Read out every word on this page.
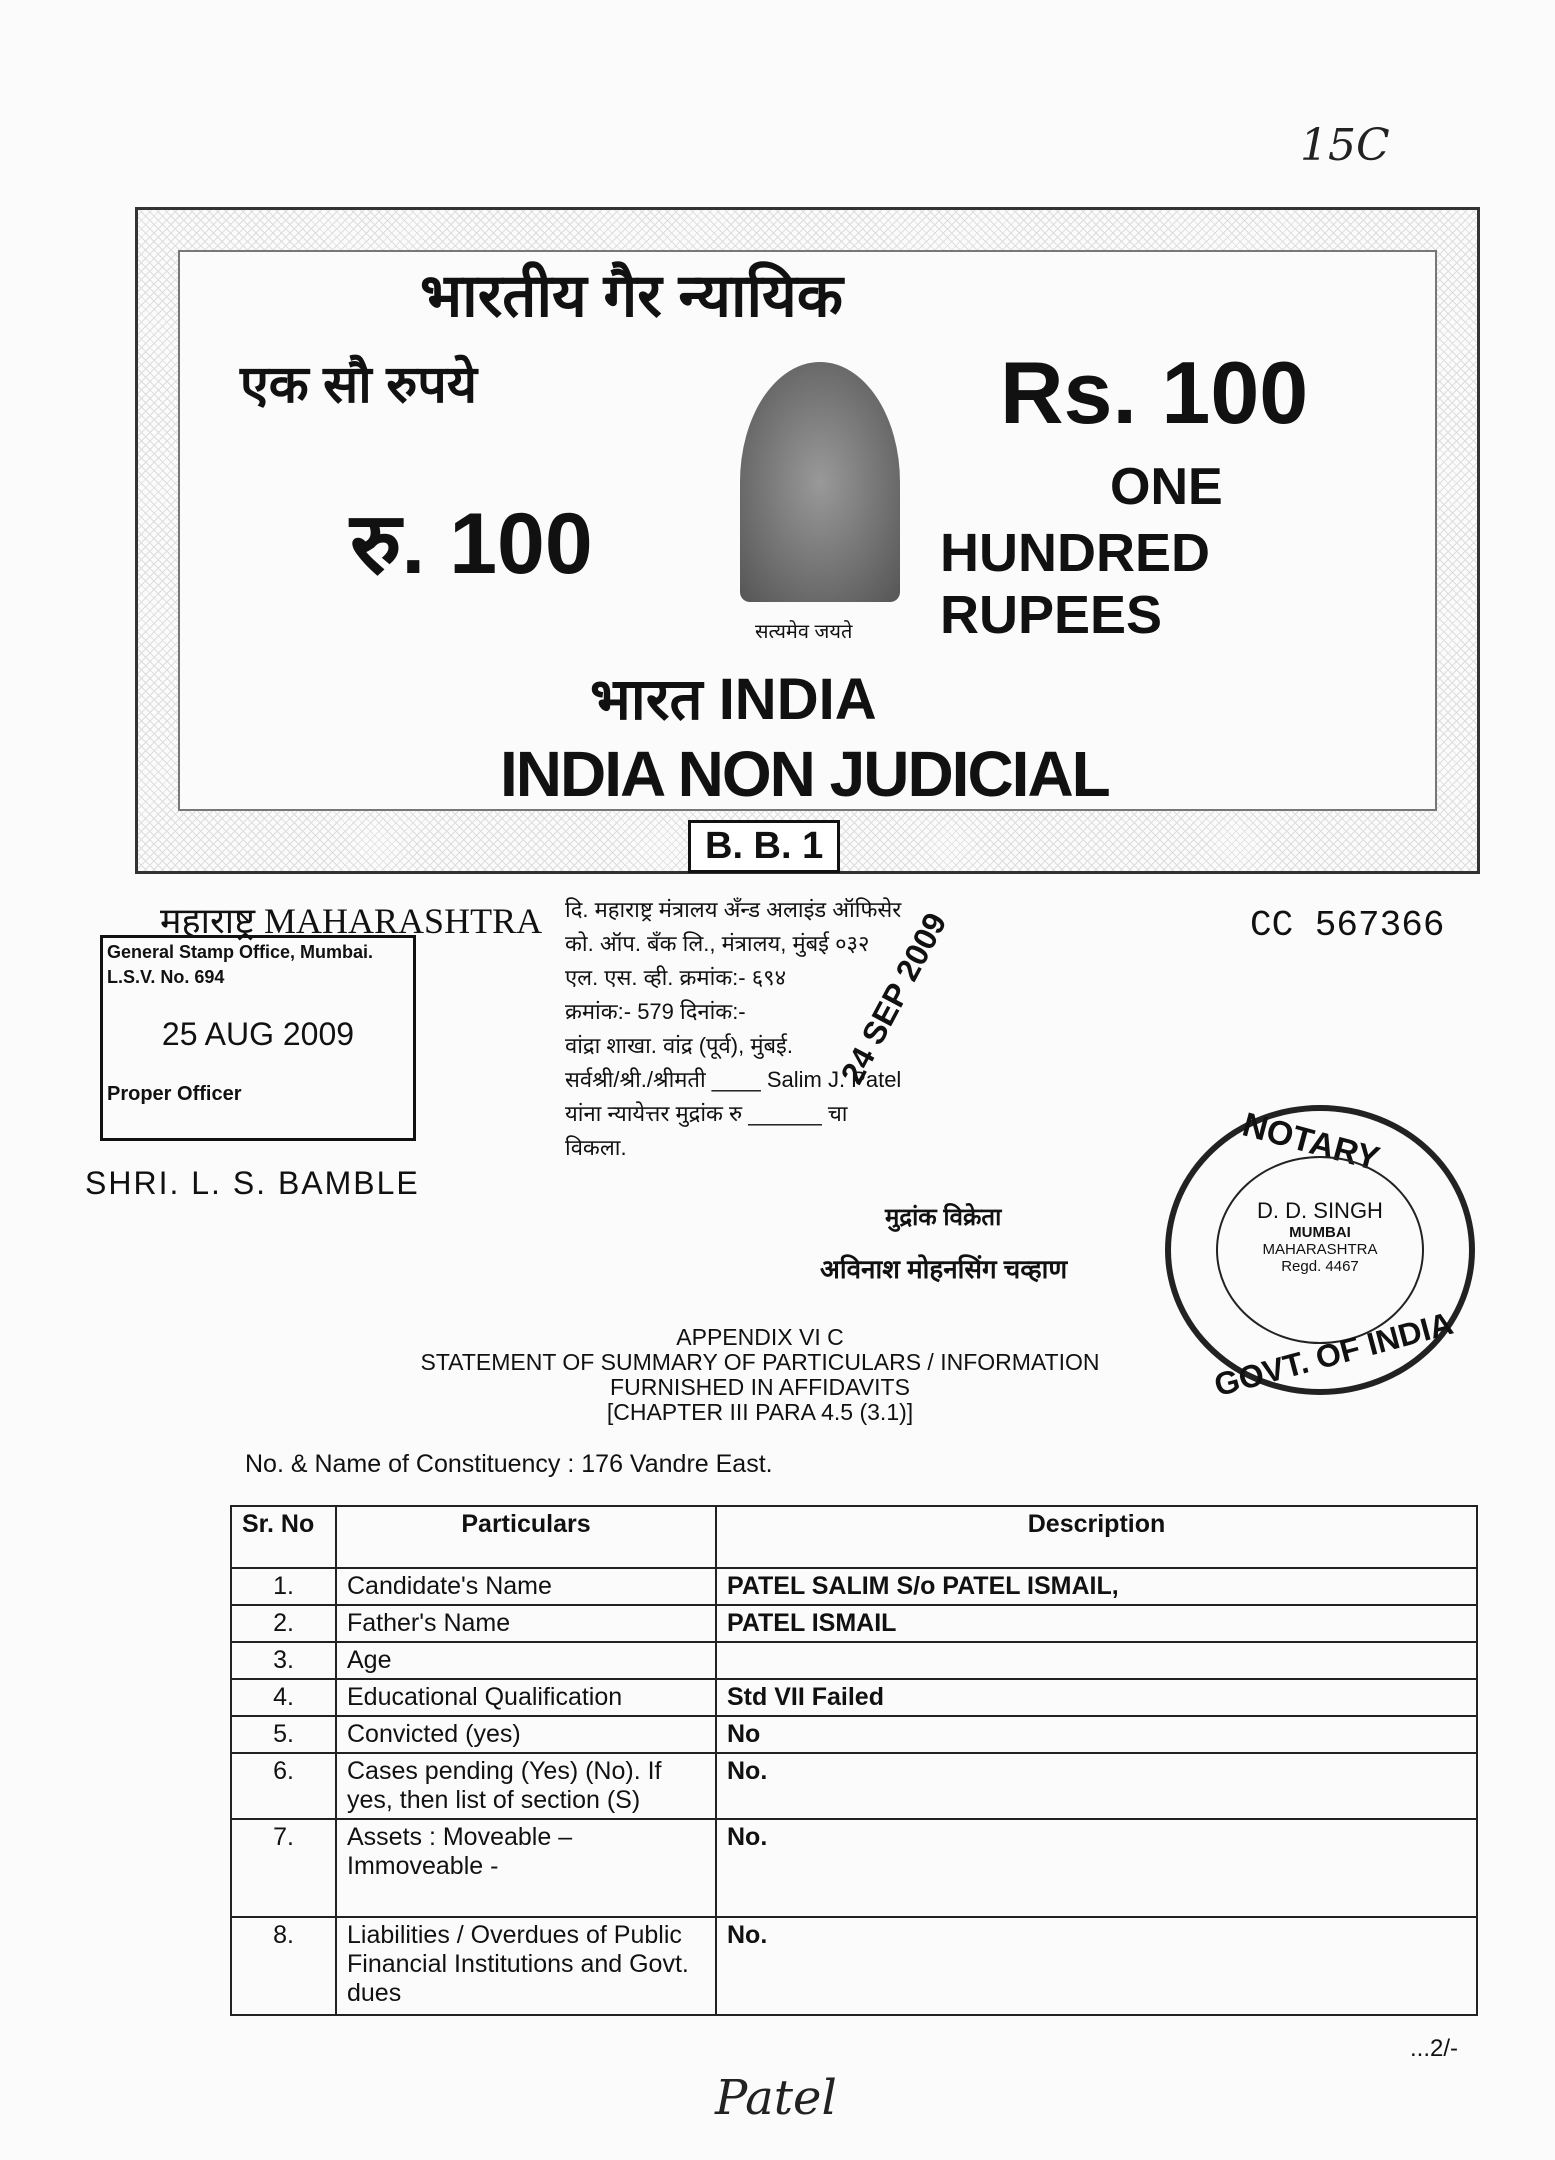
15C
भारतीय गैर न्यायिक
एक सौ रुपये
रु. 100
सत्यमेव जयते
Rs. 100
ONE
HUNDRED RUPEES
भारत INDIA
INDIA NON JUDICIAL
B. B. 1
महाराष्ट्र MAHARASHTRA	CC 567366
General Stamp Office, Mumbai.
L.S.V. No. 694
25 AUG 2009
Proper Officer
SHRI. L. S. BAMBLE
दि. महाराष्ट्र मंत्रालय अँन्ड अलाइंड ऑफिसेर
को. ऑप. बँक लि., मंत्रालय, मुंबई ०३२
एल. एस. व्ही. क्रमांक:- ६९४
क्रमांक:- 579 दिनांक:-
वांद्रा शाखा. वांद्र (पूर्व), मुंबई.
सर्वश्री/श्री./श्रीमती ____ Salim J. Patel
यांना न्यायेत्तर मुद्रांक रु ______ चा
विकला.
24 SEP 2009
मुद्रांक विक्रेता
अविनाश मोहनसिंग चव्हाण
NOTARY
D. D. SINGH
MUMBAI
MAHARASHTRA
Regd. 4467
GOVT. OF INDIA
APPENDIX VI C
STATEMENT OF SUMMARY OF PARTICULARS / INFORMATION
FURNISHED IN AFFIDAVITS
[CHAPTER III PARA 4.5 (3.1)]
No. & Name of Constituency : 176 Vandre East.
Sr. No	Particulars	Description
1.	Candidate's Name	PATEL SALIM S/o PATEL ISMAIL,
2.	Father's Name	PATEL ISMAIL
3.	Age	
4.	Educational Qualification	Std VII Failed
5.	Convicted (yes)	No
6.	Cases pending (Yes) (No). If yes, then list of section (S)	No.
7.	Assets : Moveable – Immoveable -	No.
8.	Liabilities / Overdues of Public Financial Institutions and Govt. dues	No.
...2/-
Patel
